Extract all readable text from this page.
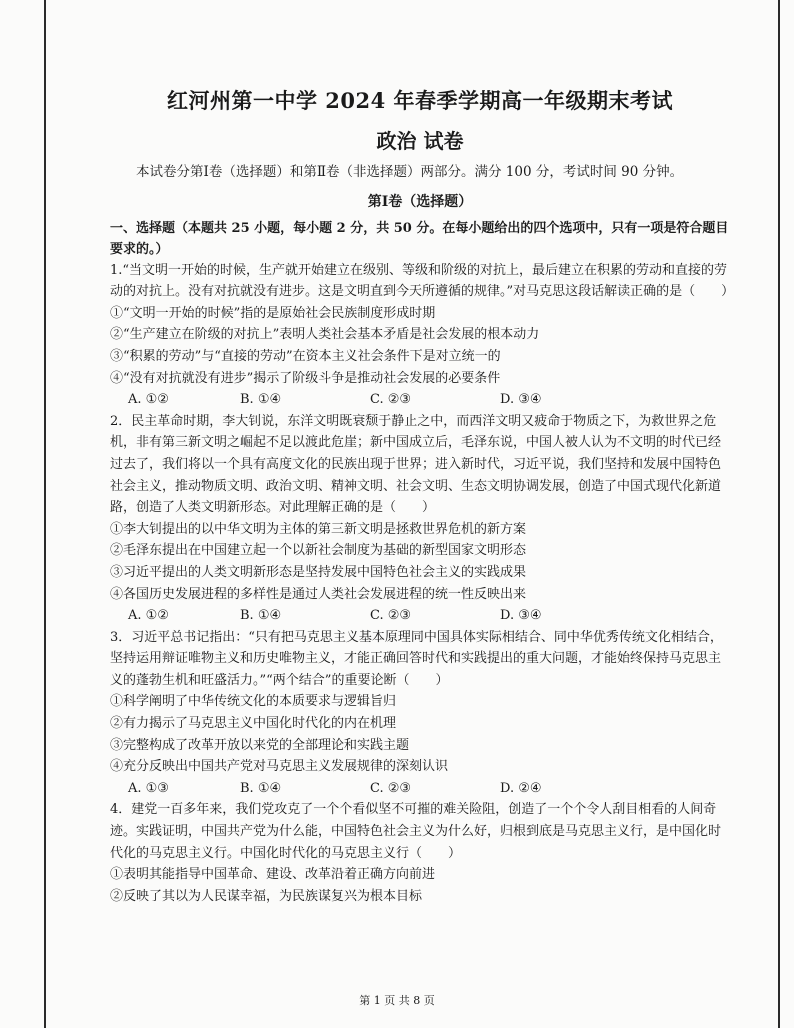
红河州第一中学 2024 年春季学期高一年级期末考试

政治 试卷

本试卷分第Ⅰ卷（选择题）和第Ⅱ卷（非选择题）两部分。满分 100 分，考试时间 90 分钟。

第Ⅰ卷（选择题）

一、选择题（本题共 25 小题，每小题 2 分，共 50 分。在每小题给出的四个选项中，只有一项是符合题目要求的。）

1.“当文明一开始的时候，生产就开始建立在级别、等级和阶级的对抗上，最后建立在积累的劳动和直接的劳动的对抗上。没有对抗就没有进步。这是文明直到今天所遵循的规律。”对马克思这段话解读正确的是（　　）

①“文明一开始的时候”指的是原始社会民族制度形成时期

②“生产建立在阶级的对抗上”表明人类社会基本矛盾是社会发展的根本动力

③“积累的劳动”与“直接的劳动”在资本主义社会条件下是对立统一的

④“没有对抗就没有进步”揭示了阶级斗争是推动社会发展的必要条件

A. ①②	B. ①④	C. ②③	D. ③④

2．民主革命时期，李大钊说，东洋文明既衰颓于静止之中，而西洋文明又疲命于物质之下，为救世界之危机，非有第三新文明之崛起不足以渡此危崖；新中国成立后，毛泽东说，中国人被人认为不文明的时代已经过去了，我们将以一个具有高度文化的民族出现于世界；进入新时代，习近平说，我们坚持和发展中国特色社会主义，推动物质文明、政治文明、精神文明、社会文明、生态文明协调发展，创造了中国式现代化新道路，创造了人类文明新形态。对此理解正确的是（　　）

①李大钊提出的以中华文明为主体的第三新文明是拯救世界危机的新方案

②毛泽东提出在中国建立起一个以新社会制度为基础的新型国家文明形态

③习近平提出的人类文明新形态是坚持发展中国特色社会主义的实践成果

④各国历史发展进程的多样性是通过人类社会发展进程的统一性反映出来

A. ①②	B. ①④	C. ②③	D. ③④

3．习近平总书记指出：“只有把马克思主义基本原理同中国具体实际相结合、同中华优秀传统文化相结合，坚持运用辩证唯物主义和历史唯物主义，才能正确回答时代和实践提出的重大问题，才能始终保持马克思主义的蓬勃生机和旺盛活力。”“两个结合”的重要论断（　　）

①科学阐明了中华传统文化的本质要求与逻辑旨归

②有力揭示了马克思主义中国化时代化的内在机理

③完整构成了改革开放以来党的全部理论和实践主题

④充分反映出中国共产党对马克思主义发展规律的深刻认识

A. ①③	B. ①④	C. ②③	D. ②④

4．建党一百多年来，我们党攻克了一个个看似坚不可摧的难关险阻，创造了一个个令人刮目相看的人间奇迹。实践证明，中国共产党为什么能，中国特色社会主义为什么好，归根到底是马克思主义行，是中国化时代化的马克思主义行。中国化时代化的马克思主义行（　　）

①表明其能指导中国革命、建设、改革沿着正确方向前进

②反映了其以为人民谋幸福，为民族谋复兴为根本目标

第 1 页 共 8 页
